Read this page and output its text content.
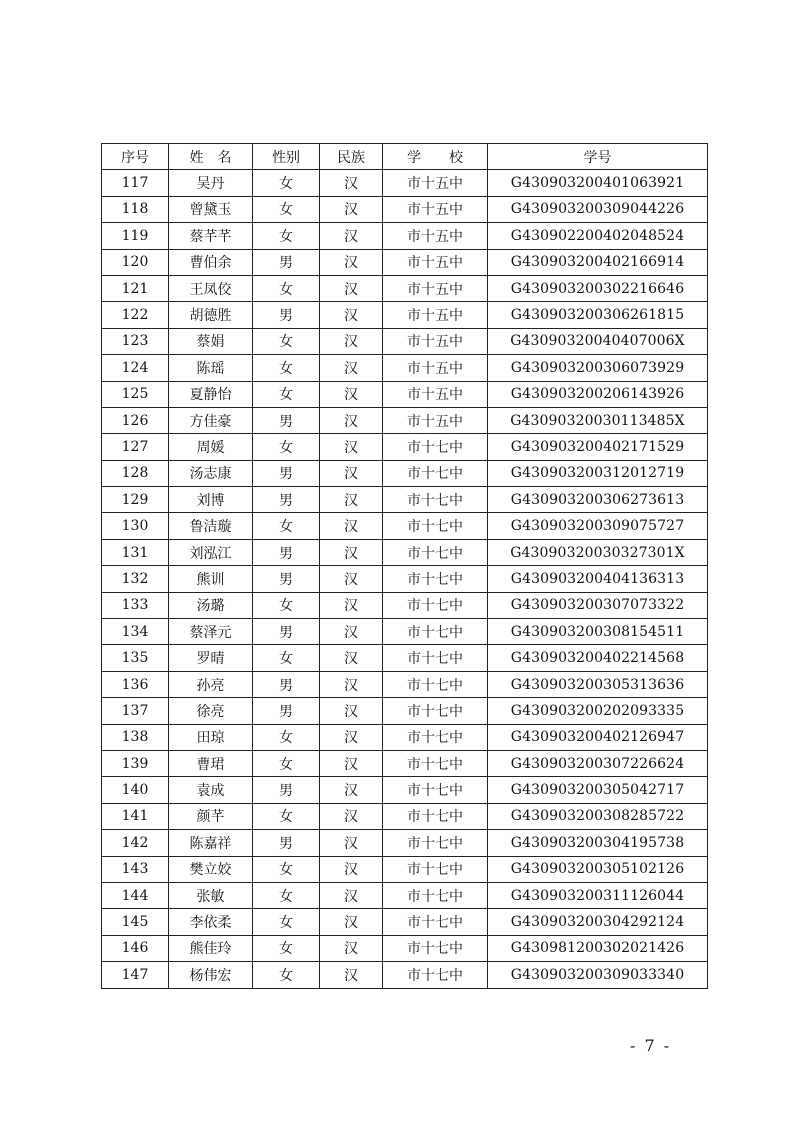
序号	姓　名	性别	民族	学　　校	学号
117	吴丹	女	汉	市十五中	G430903200401063921
118	曾黛玉	女	汉	市十五中	G430903200309044226
119	蔡芊芊	女	汉	市十五中	G430902200402048524
120	曹伯余	男	汉	市十五中	G430903200402166914
121	王凤佼	女	汉	市十五中	G430903200302216646
122	胡德胜	男	汉	市十五中	G430903200306261815
123	蔡娟	女	汉	市十五中	G43090320040407006X
124	陈瑶	女	汉	市十五中	G430903200306073929
125	夏静怡	女	汉	市十五中	G430903200206143926
126	方佳豪	男	汉	市十五中	G43090320030113485X
127	周媛	女	汉	市十七中	G430903200402171529
128	汤志康	男	汉	市十七中	G430903200312012719
129	刘博	男	汉	市十七中	G430903200306273613
130	鲁洁璇	女	汉	市十七中	G430903200309075727
131	刘泓江	男	汉	市十七中	G43090320030327301X
132	熊训	男	汉	市十七中	G430903200404136313
133	汤璐	女	汉	市十七中	G430903200307073322
134	蔡泽元	男	汉	市十七中	G430903200308154511
135	罗晴	女	汉	市十七中	G430903200402214568
136	孙亮	男	汉	市十七中	G430903200305313636
137	徐亮	男	汉	市十七中	G430903200202093335
138	田琼	女	汉	市十七中	G430903200402126947
139	曹珺	女	汉	市十七中	G430903200307226624
140	袁成	男	汉	市十七中	G430903200305042717
141	颜芊	女	汉	市十七中	G430903200308285722
142	陈嘉祥	男	汉	市十七中	G430903200304195738
143	樊立姣	女	汉	市十七中	G430903200305102126
144	张敏	女	汉	市十七中	G430903200311126044
145	李依柔	女	汉	市十七中	G430903200304292124
146	熊佳玲	女	汉	市十七中	G430981200302021426
147	杨伟宏	女	汉	市十七中	G430903200309033340
- 7 -
